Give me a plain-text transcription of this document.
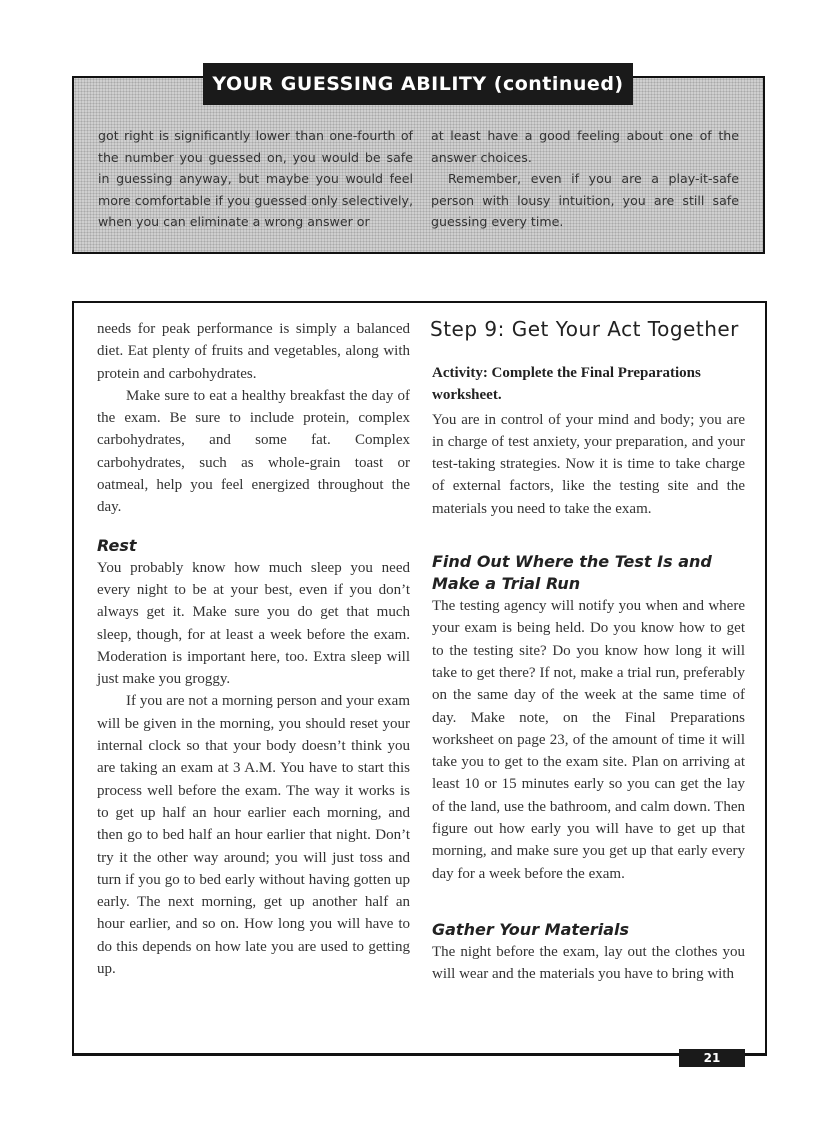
YOUR GUESSING ABILITY (continued)

got right is significantly lower than one-fourth of the number you guessed on, you would be safe in guessing anyway, but maybe you would feel more comfortable if you guessed only selectively, when you can eliminate a wrong answer or

at least have a good feeling about one of the answer choices.

Remember, even if you are a play-it-safe person with lousy intuition, you are still safe guessing every time.

needs for peak performance is simply a balanced diet. Eat plenty of fruits and vegetables, along with protein and carbohydrates.

Make sure to eat a healthy breakfast the day of the exam. Be sure to include protein, complex carbohydrates, and some fat. Complex carbohydrates, such as whole-grain toast or oatmeal, help you feel energized throughout the day.

Rest

You probably know how much sleep you need every night to be at your best, even if you don’t always get it. Make sure you do get that much sleep, though, for at least a week before the exam. Moderation is important here, too. Extra sleep will just make you groggy.

If you are not a morning person and your exam will be given in the morning, you should reset your internal clock so that your body doesn’t think you are taking an exam at 3 A.M. You have to start this process well before the exam. The way it works is to get up half an hour earlier each morning, and then go to bed half an hour earlier that night. Don’t try it the other way around; you will just toss and turn if you go to bed early without having gotten up early. The next morning, get up another half an hour earlier, and so on. How long you will have to do this depends on how late you are used to getting up.

Step 9: Get Your Act Together

Activity: Complete the Final Preparations worksheet.

You are in control of your mind and body; you are in charge of test anxiety, your preparation, and your test-taking strategies. Now it is time to take charge of external factors, like the testing site and the materials you need to take the exam.

Find Out Where the Test Is and Make a Trial Run

The testing agency will notify you when and where your exam is being held. Do you know how to get to the testing site? Do you know how long it will take to get there? If not, make a trial run, preferably on the same day of the week at the same time of day. Make note, on the Final Preparations worksheet on page 23, of the amount of time it will take you to get to the exam site. Plan on arriving at least 10 or 15 minutes early so you can get the lay of the land, use the bathroom, and calm down. Then figure out how early you will have to get up that morning, and make sure you get up that early every day for a week before the exam.

Gather Your Materials

The night before the exam, lay out the clothes you will wear and the materials you have to bring with

21
